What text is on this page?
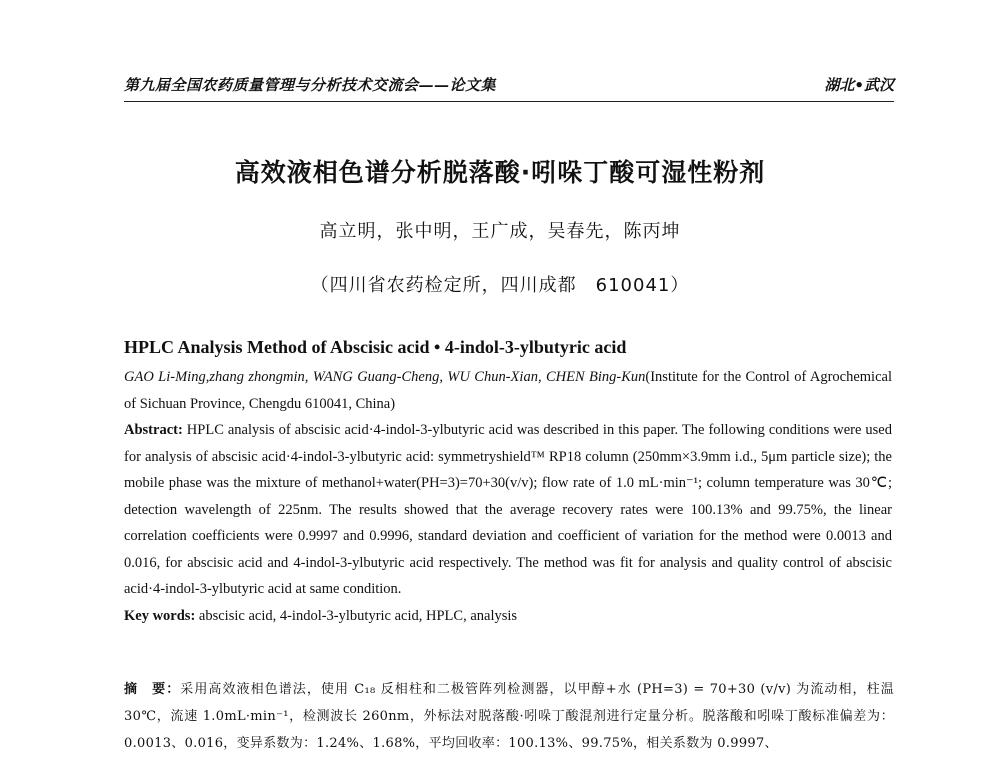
第九届全国农药质量管理与分析技术交流会——论文集	湖北•武汉
高效液相色谱分析脱落酸·吲哚丁酸可湿性粉剂
高立明，张中明，王广成，吴春先，陈丙坤
（四川省农药检定所，四川成都　610041）
HPLC Analysis Method of Abscisic acid • 4-indol-3-ylbutyric acid

GAO Li-Ming,zhang zhongmin, WANG Guang-Cheng, WU Chun-Xian, CHEN Bing-Kun(Institute for the Control of Agrochemical of Sichuan Province, Chengdu 610041, China)

Abstract: HPLC analysis of abscisic acid·4-indol-3-ylbutyric acid was described in this paper. The following conditions were used for analysis of abscisic acid·4-indol-3-ylbutyric acid: symmetryshield™ RP18 column (250mm×3.9mm i.d., 5μm particle size); the mobile phase was the mixture of methanol+water(PH=3)=70+30(v/v); flow rate of 1.0 mL·min⁻¹; column temperature was 30℃; detection wavelength of 225nm. The results showed that the average recovery rates were 100.13% and 99.75%, the linear correlation coefficients were 0.9997 and 0.9996, standard deviation and coefficient of variation for the method were 0.0013 and 0.016, for abscisic acid and 4-indol-3-ylbutyric acid respectively. The method was fit for analysis and quality control of abscisic acid·4-indol-3-ylbutyric acid at same condition.

Key words: abscisic acid, 4-indol-3-ylbutyric acid, HPLC, analysis

摘　要：采用高效液相色谱法，使用 C₁₈ 反相柱和二极管阵列检测器，以甲醇+水 (PH=3) = 70+30 (v/v) 为流动相，柱温 30℃，流速 1.0mL·min⁻¹，检测波长 260nm，外标法对脱落酸·吲哚丁酸混剂进行定量分析。脱落酸和吲哚丁酸标准偏差为：0.0013、0.016，变异系数为：1.24%、1.68%，平均回收率：100.13%、99.75%，相关系数为 0.9997、
